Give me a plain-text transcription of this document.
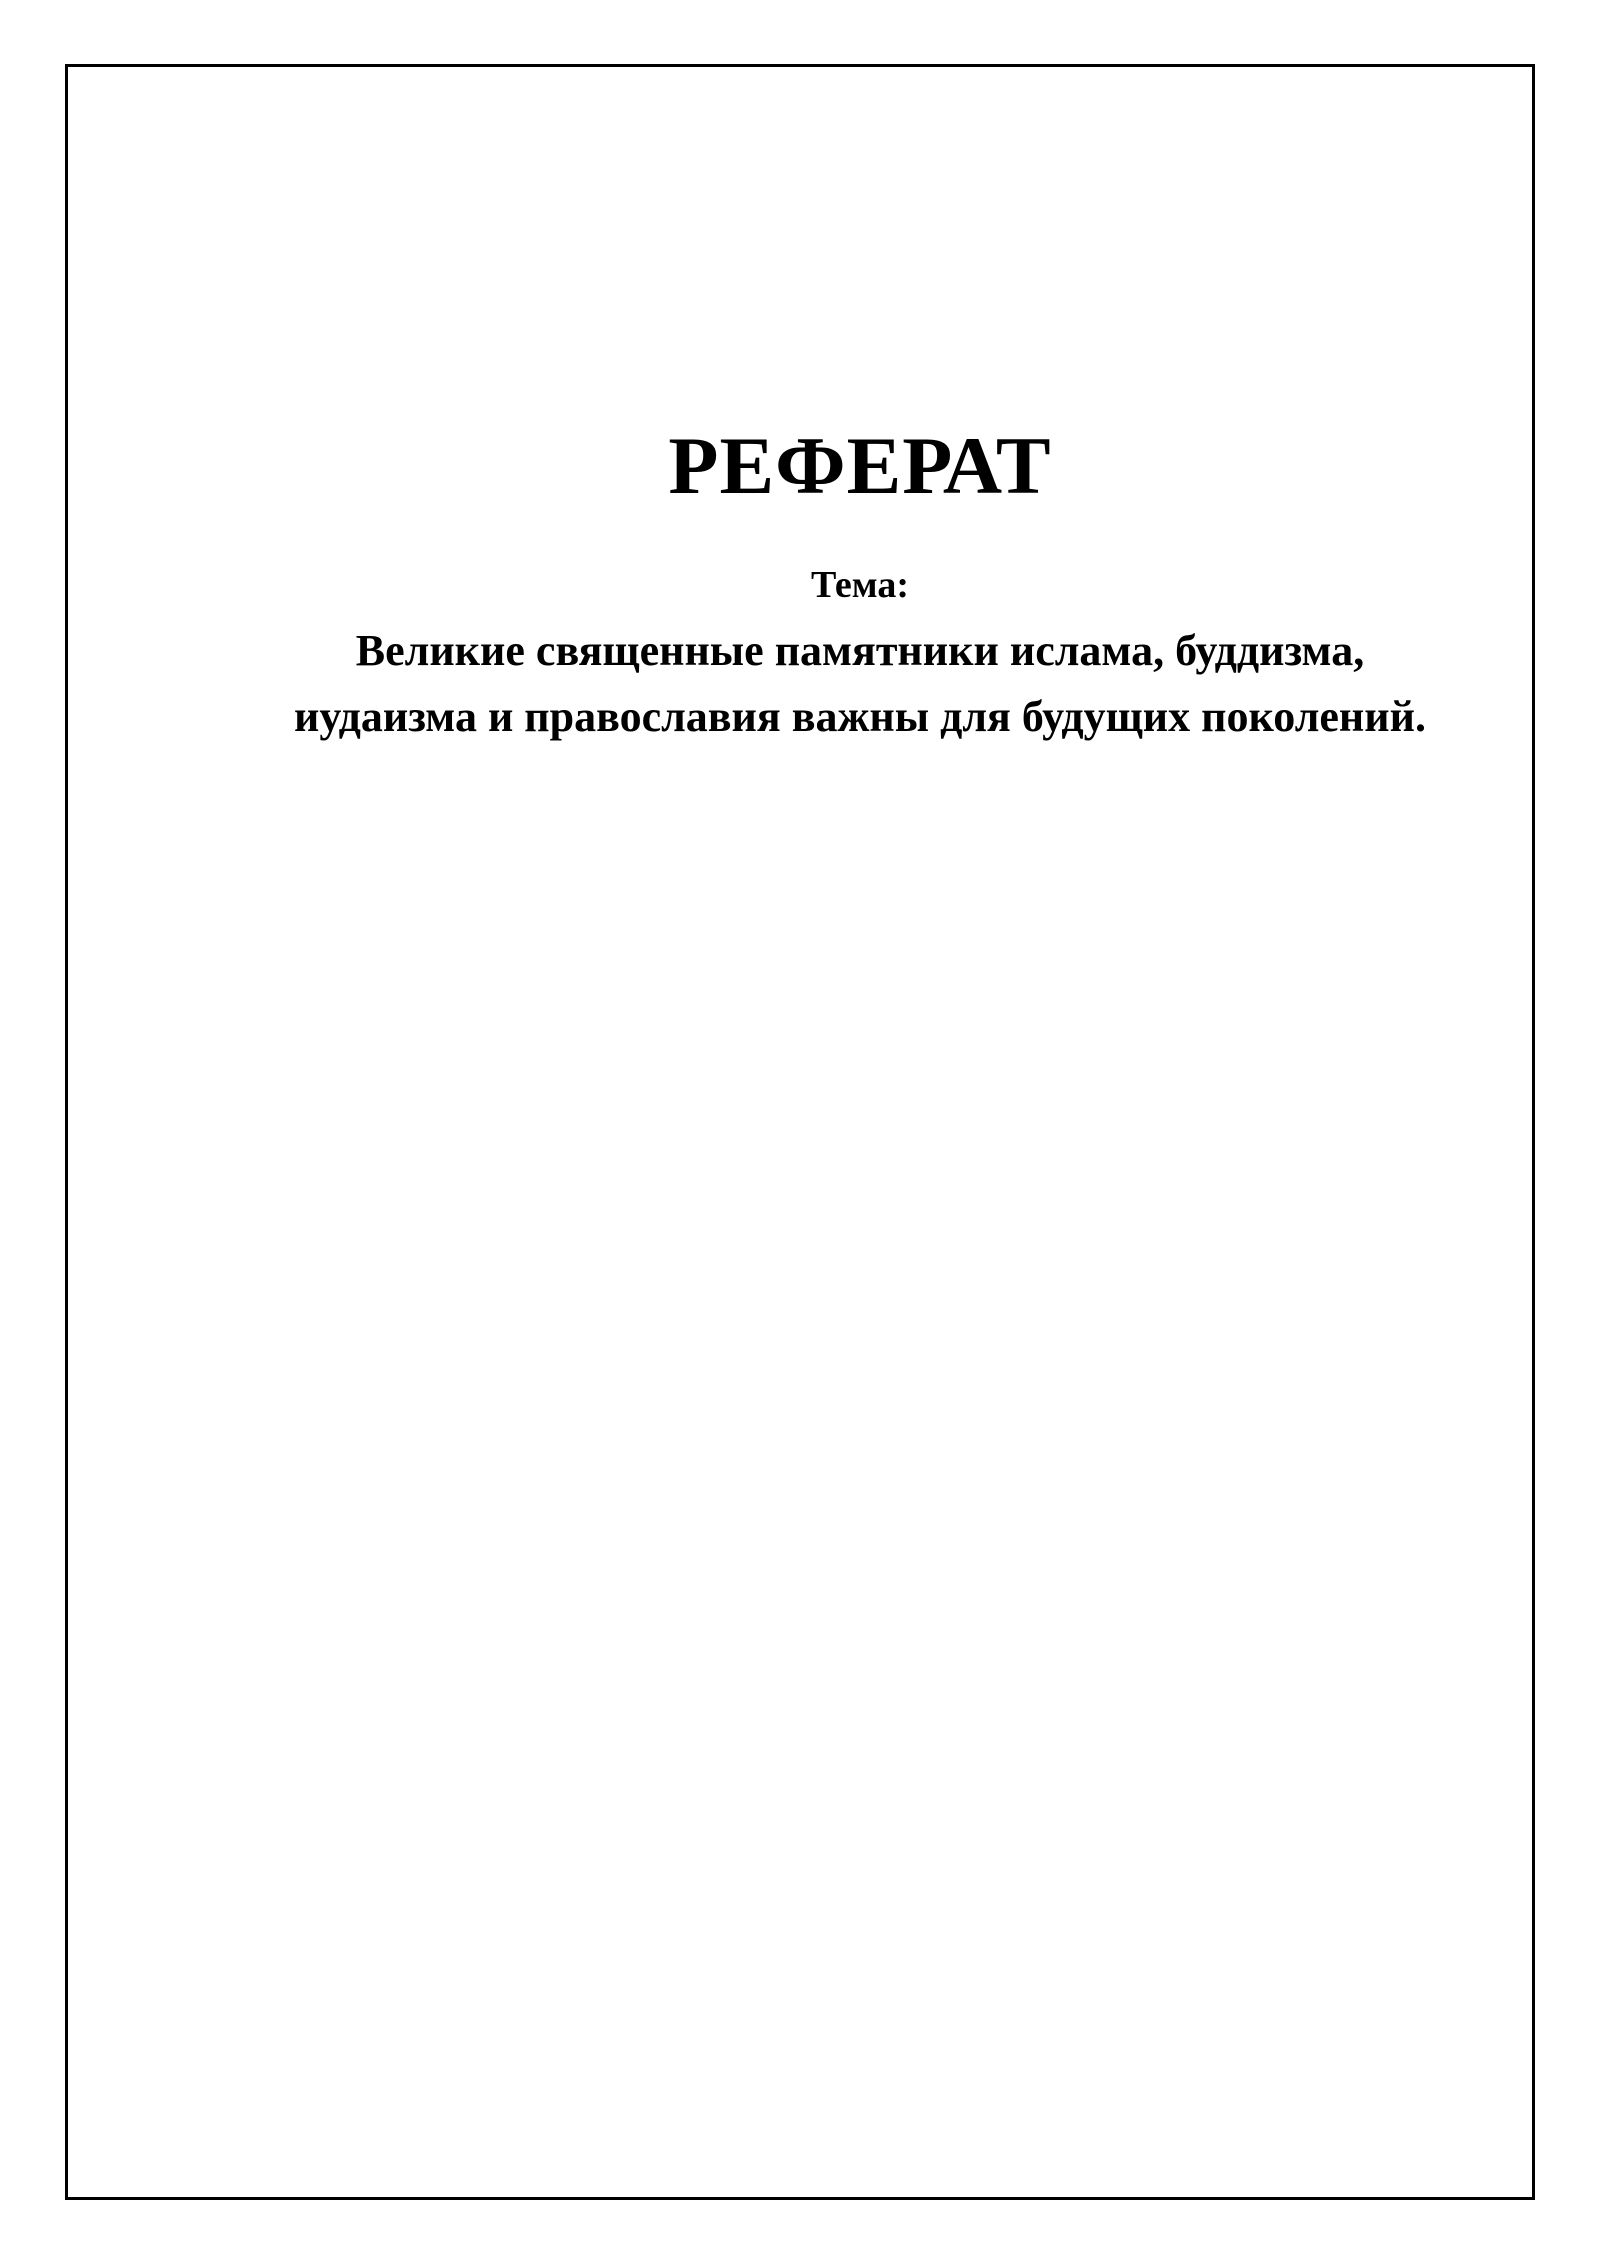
РЕФЕРАТ

Тема:

Великие священные памятники ислама, буддизма,
иудаизма и православия важны для будущих поколений.
